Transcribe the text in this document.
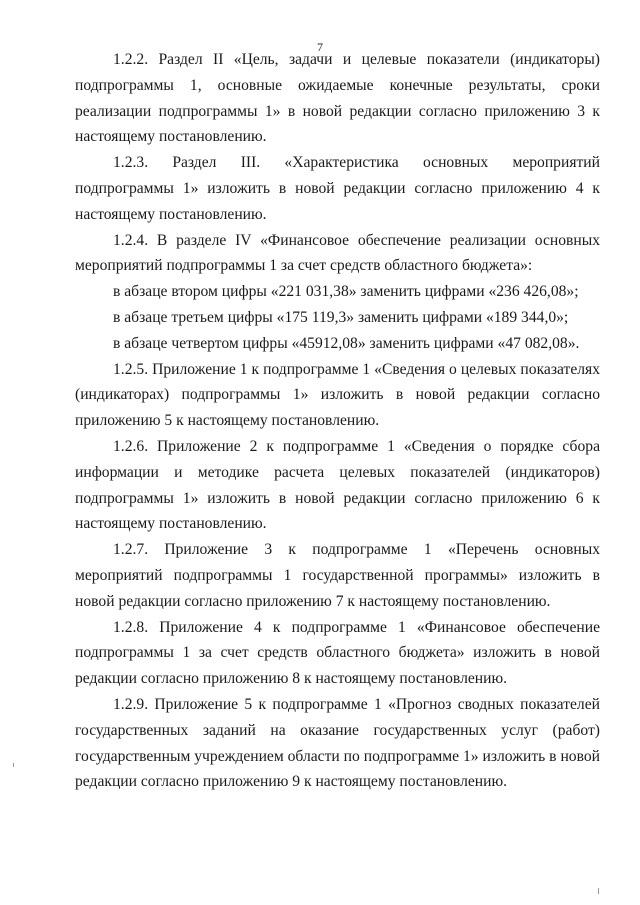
7

1.2.2. Раздел II «Цель, задачи и целевые показатели (индикаторы) подпрограммы 1, основные ожидаемые конечные результаты, сроки реализации подпрограммы 1» в новой редакции согласно приложению 3 к настоящему постановлению.

1.2.3. Раздел III. «Характеристика основных мероприятий подпрограммы 1» изложить в новой редакции согласно приложению 4 к настоящему постановлению.

1.2.4. В разделе IV «Финансовое обеспечение реализации основных мероприятий подпрограммы 1 за счет средств областного бюджета»:

в абзаце втором цифры «221 031,38» заменить цифрами «236 426,08»;

в абзаце третьем цифры «175 119,3» заменить цифрами «189 344,0»;

в абзаце четвертом цифры «45912,08» заменить цифрами «47 082,08».

1.2.5. Приложение 1 к подпрограмме 1 «Сведения о целевых показателях (индикаторах) подпрограммы 1» изложить в новой редакции согласно приложению 5 к настоящему постановлению.

1.2.6. Приложение 2 к подпрограмме 1 «Сведения о порядке сбора информации и методике расчета целевых показателей (индикаторов) подпрограммы 1» изложить в новой редакции согласно приложению 6 к настоящему постановлению.

1.2.7. Приложение 3 к подпрограмме 1 «Перечень основных мероприятий подпрограммы 1 государственной программы» изложить в новой редакции согласно приложению 7 к настоящему постановлению.

1.2.8. Приложение 4 к подпрограмме 1 «Финансовое обеспечение подпрограммы 1 за счет средств областного бюджета» изложить в новой редакции согласно приложению 8 к настоящему постановлению.

1.2.9. Приложение 5 к подпрограмме 1 «Прогноз сводных показателей государственных заданий на оказание государственных услуг (работ) государственным учреждением области по подпрограмме 1» изложить в новой редакции согласно приложению 9 к настоящему постановлению.
